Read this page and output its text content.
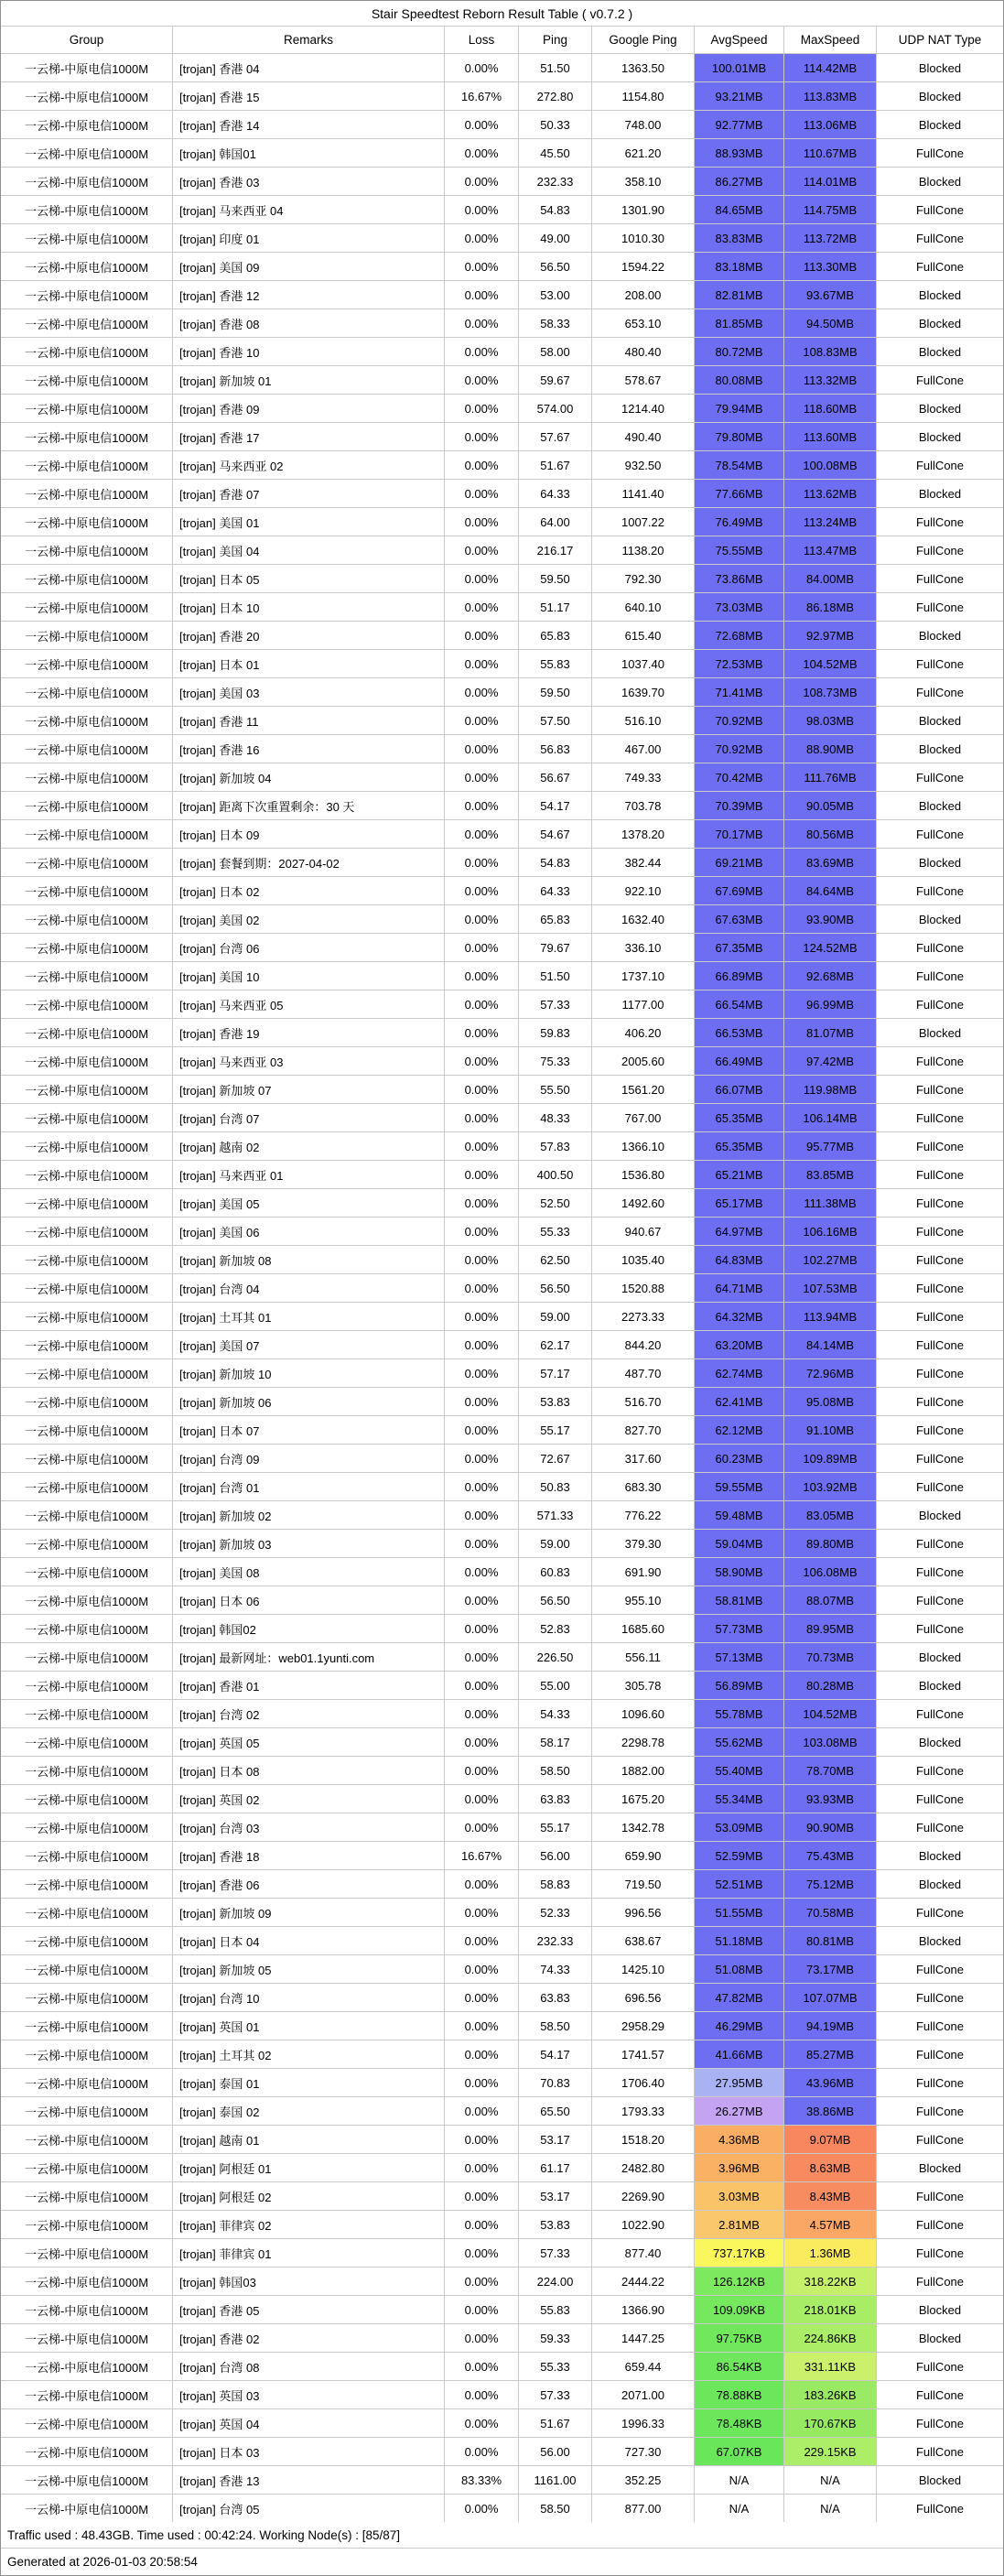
Stair Speedtest Reborn Result Table ( v0.7.2 )
Group	Remarks	Loss	Ping	Google Ping	AvgSpeed	MaxSpeed	UDP NAT Type
一云梯-中原电信1000M	[trojan] 香港 04	0.00%	51.50	1363.50	100.01MB	114.42MB	Blocked
一云梯-中原电信1000M	[trojan] 香港 15	16.67%	272.80	1154.80	93.21MB	113.83MB	Blocked
一云梯-中原电信1000M	[trojan] 香港 14	0.00%	50.33	748.00	92.77MB	113.06MB	Blocked
一云梯-中原电信1000M	[trojan] 韩国01	0.00%	45.50	621.20	88.93MB	110.67MB	FullCone
一云梯-中原电信1000M	[trojan] 香港 03	0.00%	232.33	358.10	86.27MB	114.01MB	Blocked
一云梯-中原电信1000M	[trojan] 马来西亚 04	0.00%	54.83	1301.90	84.65MB	114.75MB	FullCone
一云梯-中原电信1000M	[trojan] 印度 01	0.00%	49.00	1010.30	83.83MB	113.72MB	FullCone
一云梯-中原电信1000M	[trojan] 美国 09	0.00%	56.50	1594.22	83.18MB	113.30MB	FullCone
一云梯-中原电信1000M	[trojan] 香港 12	0.00%	53.00	208.00	82.81MB	93.67MB	Blocked
一云梯-中原电信1000M	[trojan] 香港 08	0.00%	58.33	653.10	81.85MB	94.50MB	Blocked
一云梯-中原电信1000M	[trojan] 香港 10	0.00%	58.00	480.40	80.72MB	108.83MB	Blocked
一云梯-中原电信1000M	[trojan] 新加坡 01	0.00%	59.67	578.67	80.08MB	113.32MB	FullCone
一云梯-中原电信1000M	[trojan] 香港 09	0.00%	574.00	1214.40	79.94MB	118.60MB	Blocked
一云梯-中原电信1000M	[trojan] 香港 17	0.00%	57.67	490.40	79.80MB	113.60MB	Blocked
一云梯-中原电信1000M	[trojan] 马来西亚 02	0.00%	51.67	932.50	78.54MB	100.08MB	FullCone
一云梯-中原电信1000M	[trojan] 香港 07	0.00%	64.33	1141.40	77.66MB	113.62MB	Blocked
一云梯-中原电信1000M	[trojan] 美国 01	0.00%	64.00	1007.22	76.49MB	113.24MB	FullCone
一云梯-中原电信1000M	[trojan] 美国 04	0.00%	216.17	1138.20	75.55MB	113.47MB	FullCone
一云梯-中原电信1000M	[trojan] 日本 05	0.00%	59.50	792.30	73.86MB	84.00MB	FullCone
一云梯-中原电信1000M	[trojan] 日本 10	0.00%	51.17	640.10	73.03MB	86.18MB	FullCone
一云梯-中原电信1000M	[trojan] 香港 20	0.00%	65.83	615.40	72.68MB	92.97MB	Blocked
一云梯-中原电信1000M	[trojan] 日本 01	0.00%	55.83	1037.40	72.53MB	104.52MB	FullCone
一云梯-中原电信1000M	[trojan] 美国 03	0.00%	59.50	1639.70	71.41MB	108.73MB	FullCone
一云梯-中原电信1000M	[trojan] 香港 11	0.00%	57.50	516.10	70.92MB	98.03MB	Blocked
一云梯-中原电信1000M	[trojan] 香港 16	0.00%	56.83	467.00	70.92MB	88.90MB	Blocked
一云梯-中原电信1000M	[trojan] 新加坡 04	0.00%	56.67	749.33	70.42MB	111.76MB	FullCone
一云梯-中原电信1000M	[trojan] 距离下次重置剩余：30 天	0.00%	54.17	703.78	70.39MB	90.05MB	Blocked
一云梯-中原电信1000M	[trojan] 日本 09	0.00%	54.67	1378.20	70.17MB	80.56MB	FullCone
一云梯-中原电信1000M	[trojan] 套餐到期：2027-04-02	0.00%	54.83	382.44	69.21MB	83.69MB	Blocked
一云梯-中原电信1000M	[trojan] 日本 02	0.00%	64.33	922.10	67.69MB	84.64MB	FullCone
一云梯-中原电信1000M	[trojan] 美国 02	0.00%	65.83	1632.40	67.63MB	93.90MB	Blocked
一云梯-中原电信1000M	[trojan] 台湾 06	0.00%	79.67	336.10	67.35MB	124.52MB	FullCone
一云梯-中原电信1000M	[trojan] 美国 10	0.00%	51.50	1737.10	66.89MB	92.68MB	FullCone
一云梯-中原电信1000M	[trojan] 马来西亚 05	0.00%	57.33	1177.00	66.54MB	96.99MB	FullCone
一云梯-中原电信1000M	[trojan] 香港 19	0.00%	59.83	406.20	66.53MB	81.07MB	Blocked
一云梯-中原电信1000M	[trojan] 马来西亚 03	0.00%	75.33	2005.60	66.49MB	97.42MB	FullCone
一云梯-中原电信1000M	[trojan] 新加坡 07	0.00%	55.50	1561.20	66.07MB	119.98MB	FullCone
一云梯-中原电信1000M	[trojan] 台湾 07	0.00%	48.33	767.00	65.35MB	106.14MB	FullCone
一云梯-中原电信1000M	[trojan] 越南 02	0.00%	57.83	1366.10	65.35MB	95.77MB	FullCone
一云梯-中原电信1000M	[trojan] 马来西亚 01	0.00%	400.50	1536.80	65.21MB	83.85MB	FullCone
一云梯-中原电信1000M	[trojan] 美国 05	0.00%	52.50	1492.60	65.17MB	111.38MB	FullCone
一云梯-中原电信1000M	[trojan] 美国 06	0.00%	55.33	940.67	64.97MB	106.16MB	FullCone
一云梯-中原电信1000M	[trojan] 新加坡 08	0.00%	62.50	1035.40	64.83MB	102.27MB	FullCone
一云梯-中原电信1000M	[trojan] 台湾 04	0.00%	56.50	1520.88	64.71MB	107.53MB	FullCone
一云梯-中原电信1000M	[trojan] 土耳其 01	0.00%	59.00	2273.33	64.32MB	113.94MB	FullCone
一云梯-中原电信1000M	[trojan] 美国 07	0.00%	62.17	844.20	63.20MB	84.14MB	FullCone
一云梯-中原电信1000M	[trojan] 新加坡 10	0.00%	57.17	487.70	62.74MB	72.96MB	FullCone
一云梯-中原电信1000M	[trojan] 新加坡 06	0.00%	53.83	516.70	62.41MB	95.08MB	FullCone
一云梯-中原电信1000M	[trojan] 日本 07	0.00%	55.17	827.70	62.12MB	91.10MB	FullCone
一云梯-中原电信1000M	[trojan] 台湾 09	0.00%	72.67	317.60	60.23MB	109.89MB	FullCone
一云梯-中原电信1000M	[trojan] 台湾 01	0.00%	50.83	683.30	59.55MB	103.92MB	FullCone
一云梯-中原电信1000M	[trojan] 新加坡 02	0.00%	571.33	776.22	59.48MB	83.05MB	Blocked
一云梯-中原电信1000M	[trojan] 新加坡 03	0.00%	59.00	379.30	59.04MB	89.80MB	FullCone
一云梯-中原电信1000M	[trojan] 美国 08	0.00%	60.83	691.90	58.90MB	106.08MB	FullCone
一云梯-中原电信1000M	[trojan] 日本 06	0.00%	56.50	955.10	58.81MB	88.07MB	FullCone
一云梯-中原电信1000M	[trojan] 韩国02	0.00%	52.83	1685.60	57.73MB	89.95MB	FullCone
一云梯-中原电信1000M	[trojan] 最新网址：web01.1yunti.com	0.00%	226.50	556.11	57.13MB	70.73MB	Blocked
一云梯-中原电信1000M	[trojan] 香港 01	0.00%	55.00	305.78	56.89MB	80.28MB	Blocked
一云梯-中原电信1000M	[trojan] 台湾 02	0.00%	54.33	1096.60	55.78MB	104.52MB	FullCone
一云梯-中原电信1000M	[trojan] 英国 05	0.00%	58.17	2298.78	55.62MB	103.08MB	Blocked
一云梯-中原电信1000M	[trojan] 日本 08	0.00%	58.50	1882.00	55.40MB	78.70MB	FullCone
一云梯-中原电信1000M	[trojan] 英国 02	0.00%	63.83	1675.20	55.34MB	93.93MB	FullCone
一云梯-中原电信1000M	[trojan] 台湾 03	0.00%	55.17	1342.78	53.09MB	90.90MB	FullCone
一云梯-中原电信1000M	[trojan] 香港 18	16.67%	56.00	659.90	52.59MB	75.43MB	Blocked
一云梯-中原电信1000M	[trojan] 香港 06	0.00%	58.83	719.50	52.51MB	75.12MB	Blocked
一云梯-中原电信1000M	[trojan] 新加坡 09	0.00%	52.33	996.56	51.55MB	70.58MB	FullCone
一云梯-中原电信1000M	[trojan] 日本 04	0.00%	232.33	638.67	51.18MB	80.81MB	Blocked
一云梯-中原电信1000M	[trojan] 新加坡 05	0.00%	74.33	1425.10	51.08MB	73.17MB	FullCone
一云梯-中原电信1000M	[trojan] 台湾 10	0.00%	63.83	696.56	47.82MB	107.07MB	FullCone
一云梯-中原电信1000M	[trojan] 英国 01	0.00%	58.50	2958.29	46.29MB	94.19MB	FullCone
一云梯-中原电信1000M	[trojan] 土耳其 02	0.00%	54.17	1741.57	41.66MB	85.27MB	FullCone
一云梯-中原电信1000M	[trojan] 泰国 01	0.00%	70.83	1706.40	27.95MB	43.96MB	FullCone
一云梯-中原电信1000M	[trojan] 泰国 02	0.00%	65.50	1793.33	26.27MB	38.86MB	FullCone
一云梯-中原电信1000M	[trojan] 越南 01	0.00%	53.17	1518.20	4.36MB	9.07MB	FullCone
一云梯-中原电信1000M	[trojan] 阿根廷 01	0.00%	61.17	2482.80	3.96MB	8.63MB	Blocked
一云梯-中原电信1000M	[trojan] 阿根廷 02	0.00%	53.17	2269.90	3.03MB	8.43MB	FullCone
一云梯-中原电信1000M	[trojan] 菲律宾 02	0.00%	53.83	1022.90	2.81MB	4.57MB	FullCone
一云梯-中原电信1000M	[trojan] 菲律宾 01	0.00%	57.33	877.40	737.17KB	1.36MB	FullCone
一云梯-中原电信1000M	[trojan] 韩国03	0.00%	224.00	2444.22	126.12KB	318.22KB	FullCone
一云梯-中原电信1000M	[trojan] 香港 05	0.00%	55.83	1366.90	109.09KB	218.01KB	Blocked
一云梯-中原电信1000M	[trojan] 香港 02	0.00%	59.33	1447.25	97.75KB	224.86KB	Blocked
一云梯-中原电信1000M	[trojan] 台湾 08	0.00%	55.33	659.44	86.54KB	331.11KB	FullCone
一云梯-中原电信1000M	[trojan] 英国 03	0.00%	57.33	2071.00	78.88KB	183.26KB	FullCone
一云梯-中原电信1000M	[trojan] 英国 04	0.00%	51.67	1996.33	78.48KB	170.67KB	FullCone
一云梯-中原电信1000M	[trojan] 日本 03	0.00%	56.00	727.30	67.07KB	229.15KB	FullCone
一云梯-中原电信1000M	[trojan] 香港 13	83.33%	1161.00	352.25	N/A	N/A	Blocked
一云梯-中原电信1000M	[trojan] 台湾 05	0.00%	58.50	877.00	N/A	N/A	FullCone
Traffic used : 48.43GB. Time used : 00:42:24. Working Node(s) : [85/87]
Generated at 2026-01-03 20:58:54
